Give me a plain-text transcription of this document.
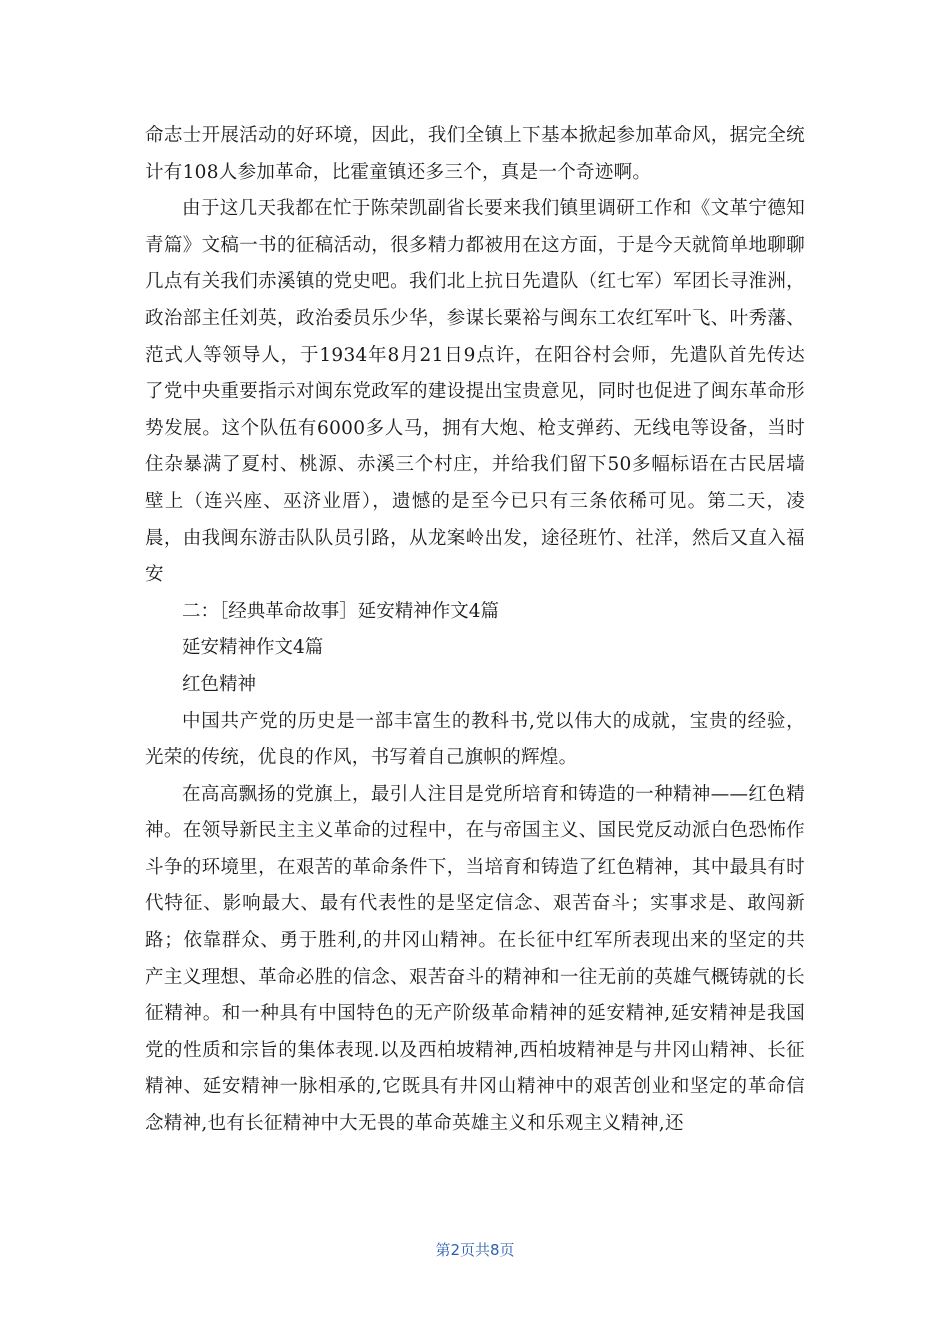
命志士开展活动的好环境，因此，我们全镇上下基本掀起参加革命风，据完全统计有108人参加革命，比霍童镇还多三个，真是一个奇迹啊。

由于这几天我都在忙于陈荣凯副省长要来我们镇里调研工作和《文革宁德知青篇》文稿一书的征稿活动，很多精力都被用在这方面，于是今天就简单地聊聊几点有关我们赤溪镇的党史吧。我们北上抗日先遣队（红七军）军团长寻淮洲，政治部主任刘英，政治委员乐少华，参谋长粟裕与闽东工农红军叶飞、叶秀藩、范式人等领导人，于1934年8月21日9点许，在阳谷村会师，先遣队首先传达了党中央重要指示对闽东党政军的建设提出宝贵意见，同时也促进了闽东革命形势发展。这个队伍有6000多人马，拥有大炮、枪支弹药、无线电等设备，当时住杂暴满了夏村、桃源、赤溪三个村庄，并给我们留下50多幅标语在古民居墙壁上（连兴座、巫济业厝），遗憾的是至今已只有三条依稀可见。第二天，凌晨，由我闽东游击队队员引路，从龙案岭出发，途径班竹、社洋，然后又直入福安

二：［经典革命故事］延安精神作文4篇

延安精神作文4篇

红色精神

中国共产党的历史是一部丰富生的教科书,党以伟大的成就，宝贵的经验，光荣的传统，优良的作风，书写着自己旗帜的辉煌。

在高高飘扬的党旗上，最引人注目是党所培育和铸造的一种精神——红色精神。在领导新民主主义革命的过程中，在与帝国主义、国民党反动派白色恐怖作斗争的环境里，在艰苦的革命条件下，当培育和铸造了红色精神，其中最具有时代特征、影响最大、最有代表性的是坚定信念、艰苦奋斗；实事求是、敢闯新路；依靠群众、勇于胜利,的井冈山精神。在长征中红军所表现出来的坚定的共产主义理想、革命必胜的信念、艰苦奋斗的精神和一往无前的英雄气概铸就的长征精神。和一种具有中国特色的无产阶级革命精神的延安精神,延安精神是我国党的性质和宗旨的集体表现.以及西柏坡精神,西柏坡精神是与井冈山精神、长征精神、延安精神一脉相承的,它既具有井冈山精神中的艰苦创业和坚定的革命信念精神,也有长征精神中大无畏的革命英雄主义和乐观主义精神,还

第2页共8页
